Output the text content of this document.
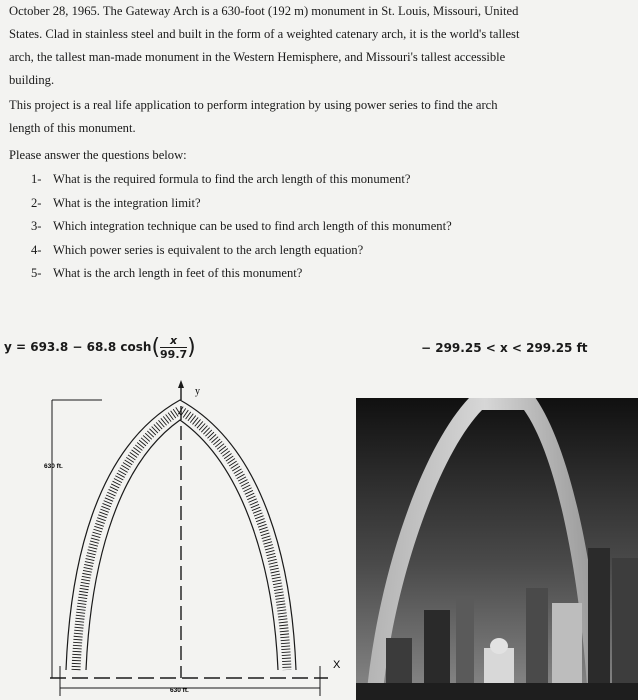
October 28, 1965. The Gateway Arch is a 630-foot (192 m) monument in St. Louis, Missouri, United
States. Clad in stainless steel and built in the form of a weighted catenary arch, it is the world's tallest
arch, the tallest man-made monument in the Western Hemisphere, and Missouri's tallest accessible
building.
This project is a real life application to perform integration by using power series to find the arch
length of this monument.
Please answer the questions below:
1- What is the required formula to find the arch length of this monument?
2- What is the integration limit?
3- Which integration technique can be used to find arch length of this monument?
4- Which power series is equivalent to the arch length equation?
5- What is the arch length in feet of this monument?
y = 693.8 − 68.8 $\cosh( \frac{x}{99.7}$ )	− 299.25 < x < 299.25 ft
y
X
630 ft.
630 ft.
